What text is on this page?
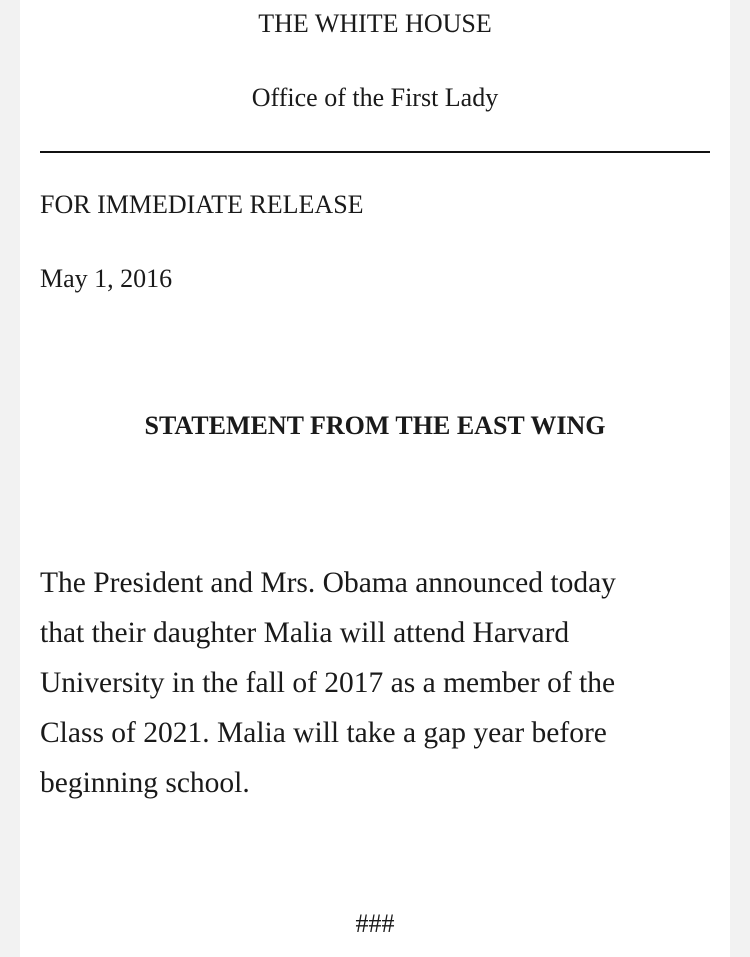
THE WHITE HOUSE

Office of the First Lady

FOR IMMEDIATE RELEASE

May 1, 2016

STATEMENT FROM THE EAST WING

The President and Mrs. Obama announced today
that their daughter Malia will attend Harvard
University in the fall of 2017 as a member of the
Class of 2021. Malia will take a gap year before
beginning school.

###
